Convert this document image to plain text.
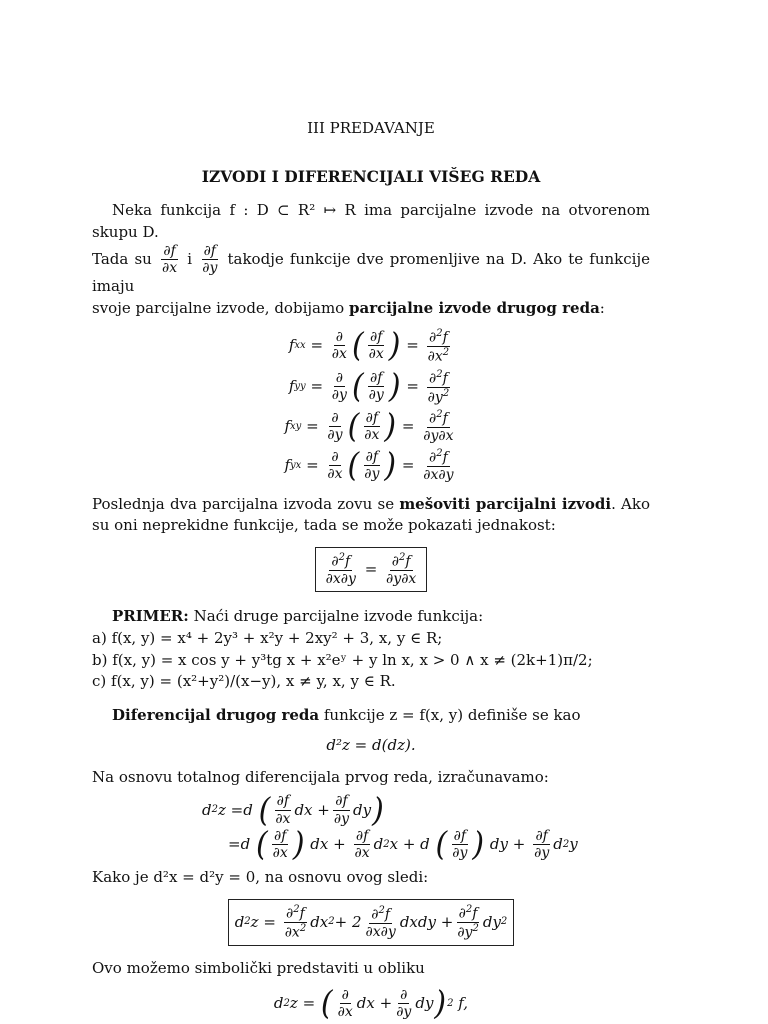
III PREDAVANJE
IZVODI I DIFERENCIJALI VIŠEG REDA

Neka funkcija f : D ⊂ R² ↦ R ima parcijalne izvode na otvorenom skupu D.

Tada su $\frac{\partial f}{\partial x}$ i $\frac{\partial f}{\partial y}$ takodje funkcije dve promenljive na D. Ako te funkcije imaju

svoje parcijalne izvode, dobijamo parcijalne izvode drugog reda:

f xx = $\frac{\partial}{\partial x}$ ( $\frac{\partial f}{\partial x}$ ) = $\frac{\partial^2f}{\partial x^2}$
f yy = $\frac{\partial}{\partial y}$ ( $\frac{\partial f}{\partial y}$ ) = $\frac{\partial^2f}{\partial y^2}$
f xy = $\frac{\partial}{\partial y}$ ( $\frac{\partial f}{\partial x}$ ) = $\frac{\partial^2f}{\partial y\partial x}$
f yx = $\frac{\partial}{\partial x}$ ( $\frac{\partial f}{\partial y}$ ) = $\frac{\partial^2f}{\partial x\partial y}$

Poslednja dva parcijalna izvoda zovu se mešoviti parcijalni izvodi. Ako su oni neprekidne funkcije, tada se može pokazati jednakost:

$\frac{\partial^2f}{\partial x\partial y} = \frac{\partial^2f}{\partial y\partial x}$

PRIMER: Naći druge parcijalne izvode funkcija:

a) f(x, y) = x⁴ + 2y³ + x²y + 2xy² + 3, x, y ∈ R;

b) f(x, y) = x cos y + y³tg x + x²eʸ + y ln x, x > 0 ∧ x ≠ (2k+1)π/2;

c) f(x, y) = (x²+y²)/(x−y), x ≠ y, x, y ∈ R.

Diferencijal drugog reda funkcije z = f(x, y) definiše se kao

d²z = d(dz).

Na osnovu totalnog diferencijala prvog reda, izračunavamo:

d 2 z =d ( $\frac{\partial f}{\partial x}$ dx + $\frac{\partial f}{\partial y}$ dy )
=d ( $\frac{\partial f}{\partial x}$ ) dx + $\frac{\partial f}{\partial x}$ d 2 x + d ( $\frac{\partial f}{\partial y}$ ) dy + $\frac{\partial f}{\partial y}$ d 2 y

Kako je d²x = d²y = 0, na osnovu ovog sledi:

d 2 $z = \frac{\partial^2f}{\partial x^2}$ dx $2 + 2 \frac{\partial^2f}{\partial x\partial y}$ dxdy + $\frac{\partial^2f}{\partial y^2}$ dy 2

Ovo možemo simbolički predstaviti u obliku

d 2 z = ( $\frac{\partial}{\partial x}$ dx + $\frac{\partial}{\partial y}$ dy ) 2 f,
